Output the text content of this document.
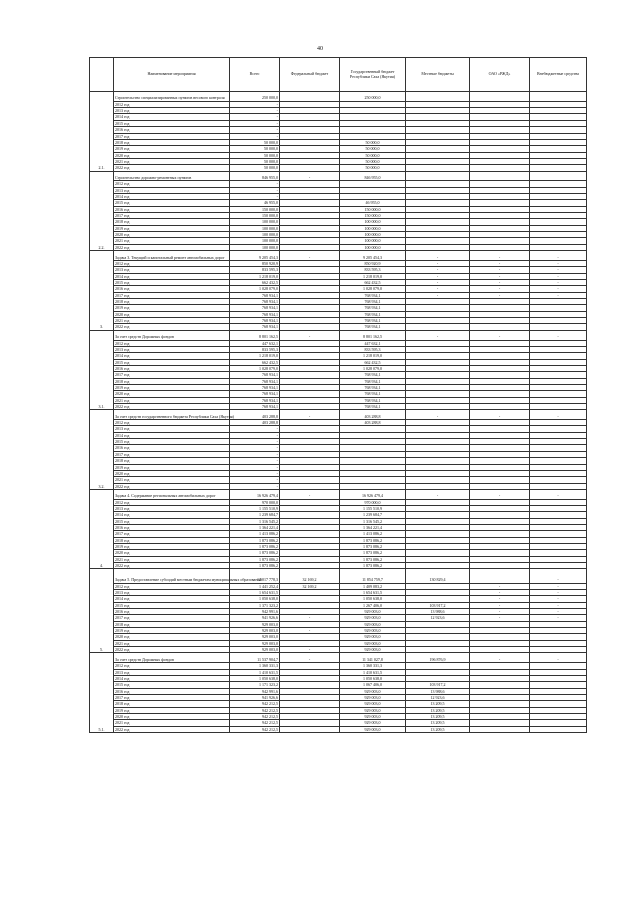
40
	Наименование мероприятия	Всего	Федеральный бюджет	Государственный бюджет Республики Саха (Якутия)	Местные бюджеты	ОАО «РЖД»	Внебюджетные средства
2.1.	Строительство специализированных пунктов весового контроля	250 000,0		250 000,0			
	2012 год	-					
	2013 год	-					
	2014 год	-					
	2015 год	-					
	2016 год	-					
	2017 год	-					
	2018 год	50 000,0		50 000,0			
	2019 год	50 000,0		50 000,0			
	2020 год	50 000,0		50 000,0			
	2021 год	50 000,0		50 000,0			
	2022 год	50 000,0		50 000,0			
2.2.	Строительство дорожно-ремонтных пунктов	846 955,0	-	846 955,0			
	2012 год	-					
	2013 год	-					
	2014 год	-					
	2015 год	46 955,0		46 955,0			
	2016 год	150 000,0		150 000,0			
	2017 год	150 000,0		150 000,0			
	2018 год	100 000,0		100 000,0			
	2019 год	100 000,0		100 000,0			
	2020 год	100 000,0		100 000,0			
	2021 год	100 000,0		100 000,0			
	2022 год	100 000,0		100 000,0			
3.	Задача 3. Текущий и капитальный ремонт автомобильных дорог	9 205 454,3	-	9 205 454,3	-	-	-
	2012 год	850 920,9		850 920,9	-	-	-
	2013 год	833 595,3		833 595,3	-	-	-
	2014 год	1 218 019,0		1 218 019,0	-	-	-
	2015 год	662 432,5		662 432,5	-	-	-
	2016 год	1 028 079,0		1 028 079,0	-	-	-
	2017 год	768 934,1		768 934,1	-	-	-
	2018 год	768 934,1		768 934,1			
	2019 год	768 934,1		768 934,1			
	2020 год	768 934,1		768 934,1			
	2021 год	768 934,1		768 934,1			
	2022 год	768 934,1		768 934,1			
3.1.	За счет средств Дорожных фондов	8 801 162,5	-	8 801 162,5	-	-	-
	2012 год	447 632,1		447 632,1			
	2013 год	833 595,3		833 595,3			
	2014 год	1 218 019,0		1 218 019,0			
	2015 год	662 432,5		662 432,5			
	2016 год	1 028 079,0		1 028 079,0			
	2017 год	768 934,1		768 934,1			
	2018 год	768 934,1		768 934,1			
	2019 год	768 934,1		768 934,1			
	2020 год	768 934,1		768 934,1			
	2021 год	768 934,1		768 934,1			
	2022 год	768 934,1		768 934,1			
3.2.	За счет средств государственного бюджета Республики Саха (Якутия)	403 288,8	-	403 288,8	-	-	-
	2012 год	403 288,8		403 288,8			
	2013 год	-					
	2014 год	-					
	2015 год	-					
	2016 год	-					
	2017 год	-					
	2018 год	-					
	2019 год	-					
	2020 год	-					
	2021 год	-					
	2022 год	-					
4.	Задача 4. Содержание региональных автомобильных дорог	16 926 479,4	-	16 926 479,4	-	-	-
	2012 год	970 000,0		970 000,0			
	2013 год	1 155 510,9		1 155 510,9			
	2014 год	1 239 684,7		1 239 684,7			
	2015 год	1 316 545,2		1 316 545,2			
	2016 год	1 364 221,4		1 364 221,4			
	2017 год	1 413 086,2		1 413 086,2			
	2018 год	1 873 086,2		1 873 086,2			
	2019 год	1 873 086,2		1 873 086,2			
	2020 год	1 873 086,2		1 873 086,2			
	2021 год	1 873 086,2		1 873 086,2			
	2022 год	1 873 086,2		1 873 086,2			
5.	Задача 5. Предоставление субсидий местным бюджетам муниципальных образований	12 017 778,3	32 169,2	11 854 759,7	130 829,4		-
	2012 год	1 441 252,4	32 169,2	1 409 083,2		-	-
	2013 год	1 654 631,5		1 654 631,5		-	-
	2014 год	1 050 638,0		1 050 638,0		-	-
	2015 год	1 371 323,2		1 267 406,0	103 917,2	-	-
	2016 год	942 991,6		929 003,0	13 988,6	-	-
	2017 год	941 926,6	-	929 003,0	12 923,6	-	-
	2018 год	929 003,0		929 003,0			
	2019 год	929 003,0	-	929 003,0			
	2020 год	929 003,0		929 003,0			
	2021 год	929 003,0		929 003,0			
	2022 год	929 003,0	-	929 003,0			
5.1.	За счет средств Дорожных фондов	11 537 904,7	-	11 341 027,8	196 876,9	-	-
	2012 год	1 360 331,3		1 360 331,3			
	2013 год	1 410 631,5		1 410 631,5			
	2014 год	1 050 638,0		1 050 638,0			
	2015 год	1 171 323,2		1 067 406,0	103 917,2		
	2016 год	942 991,6		929 003,0	13 988,6		
	2017 год	941 926,6		929 003,0	12 923,6		
	2018 год	942 212,5		929 003,0	13 209,5		
	2019 год	942 212,5		929 003,0	13 209,5		
	2020 год	942 212,5		929 003,0	13 209,5		
	2021 год	942 212,5		929 003,0	13 209,5		
	2022 год	942 212,5		929 003,0	13 209,5		
